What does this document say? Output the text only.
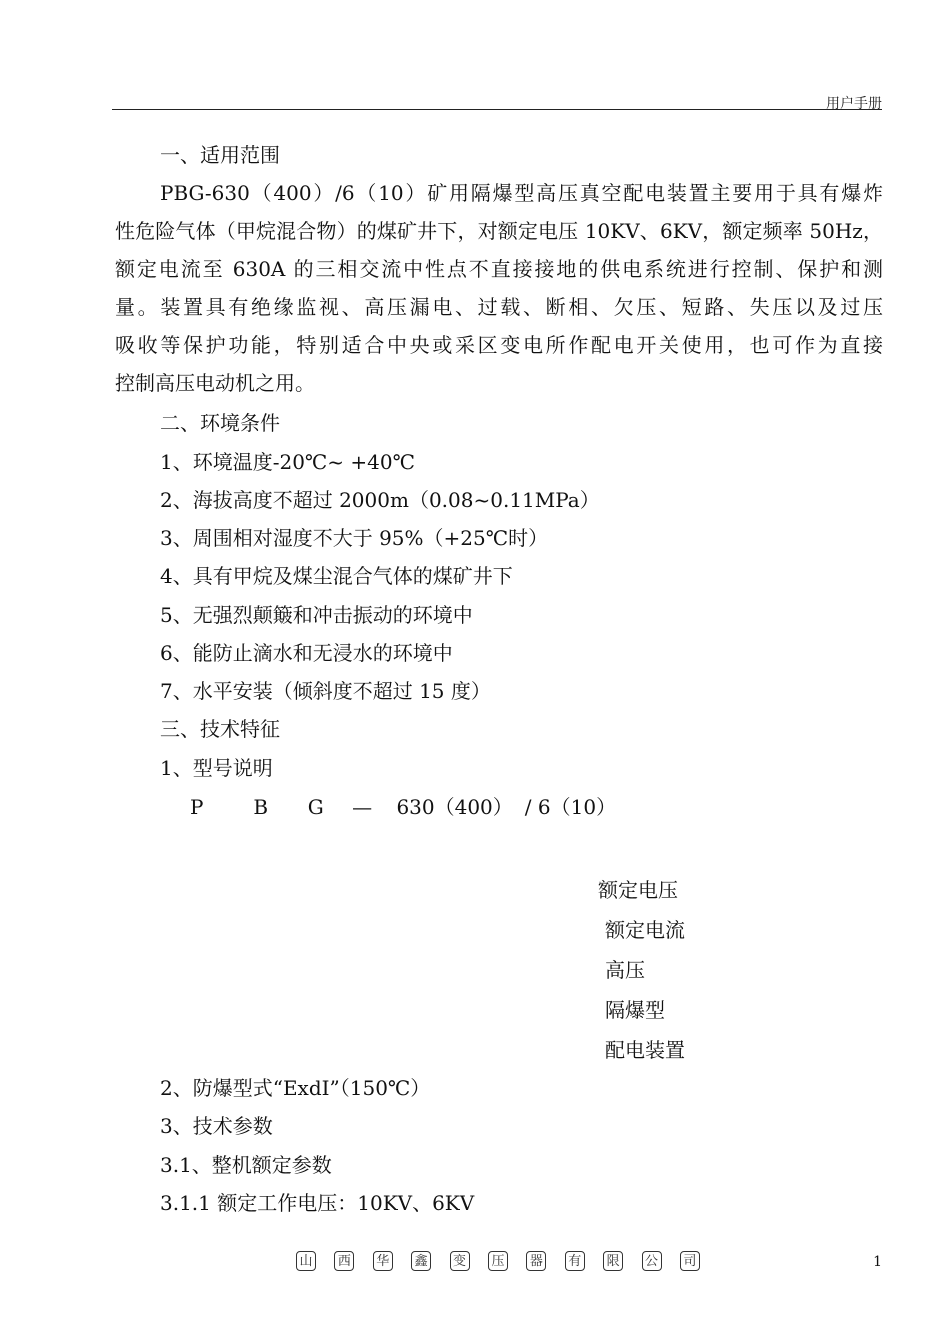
用户手册
一、适用范围
PBG-630（400）/6（10）矿用隔爆型高压真空配电装置主要用于具有爆炸
性危险气体（甲烷混合物）的煤矿井下，对额定电压 10KV、6KV，额定频率 50Hz，
额定电流至 630A 的三相交流中性点不直接接地的供电系统进行控制、保护和测
量。装置具有绝缘监视、高压漏电、过载、断相、欠压、短路、失压以及过压
吸收等保护功能，特别适合中央或采区变电所作配电开关使用，也可作为直接
控制高压电动机之用。
二、环境条件
1、环境温度-20℃~ +40℃
2、海拔高度不超过 2000m（0.08~0.11MPa）
3、周围相对湿度不大于 95%（+25℃时）
4、具有甲烷及煤尘混合气体的煤矿井下
5、无强烈颠簸和冲击振动的环境中
6、能防止滴水和无浸水的环境中
7、水平安装（倾斜度不超过 15 度）
三、技术特征
1、型号说明
P B G — 630（400） / 6（10）
额定电压
额定电流
高压
隔爆型
配电装置
2、防爆型式“ExdI”（150℃）
3、技术参数
3.1、整机额定参数
3.1.1 额定工作电压：10KV、6KV
山 西 华 鑫 变 压 器 有 限 公 司	1
